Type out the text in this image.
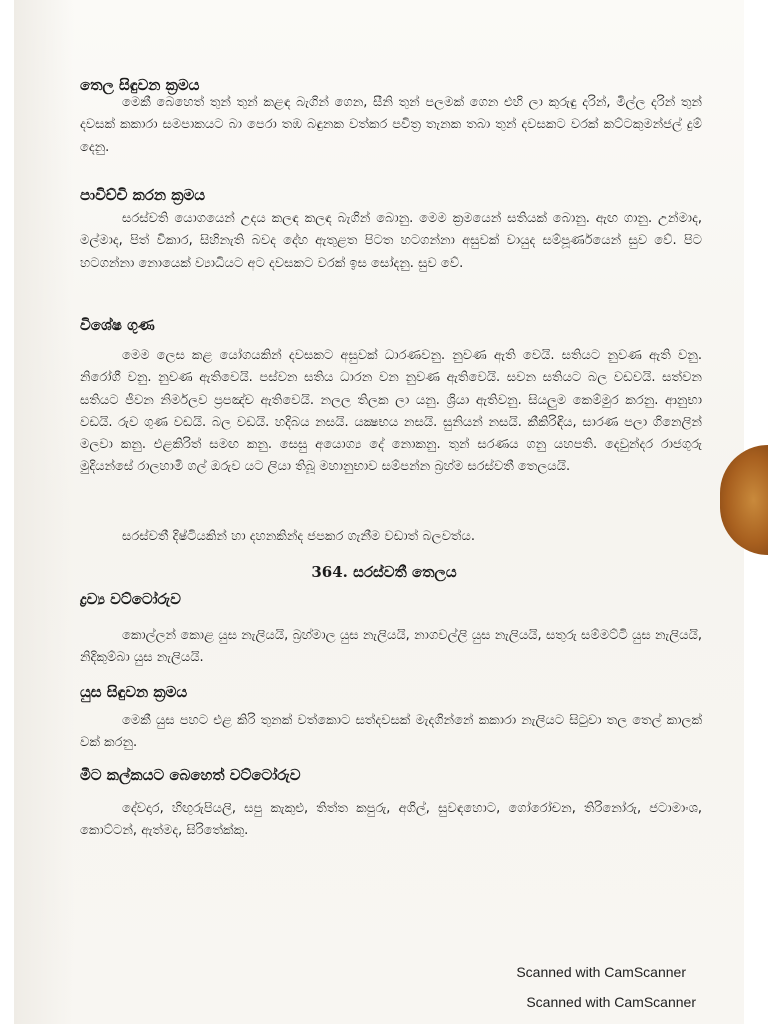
තෙල සිඳුවන ක්‍රමය
මෙකී බෙහෙත් තුන් තුන් කළඳ බැගින් ගෙන, සීනි තුන් පලමක් ගෙන එහි ලා කුරුඳු දරින්, මිල්ල දරින් තුන් දවසක් කකාරා සමපාකයට බා පෙරා තඹ බඳුනක වත්කර පවිත්‍ර තැනක තබා තුන් දවසකට වරක් කට්ටකුමන්ජල් දුම් දෙනු.
පාවිච්චි කරන ක්‍රමය
සරස්වති යොගයෙන් උදය කලඳ කලඳ බැගින් බොනු. මෙම ක්‍රමයෙන් සතියක් බොනු. ඇඟ ගානු. උන්මාද, මල්මාද, පිත් විකාර, සිහිනැති බවද දේහ ඇතුළත පිටත හටගන්නා අසුවක් වායුද සම්පූර්ණයෙන් සුව වේ. පිට හටගන්නා නොයෙක් ව්‍යාධියට අට දවසකට වරක් ඉස සෝදනු. සුව වේ.
විශේෂ ගුණ
මෙම ලෙස කළ යෝගයකින් දවසකට අසුවක් ධාරණවනු. නුවණ ඇති වෙයි. සතියට නුවණ ඇති වනු. නිරෝගී වනු. නුවණ ඇතිවෙයි. පස්වන සතිය ධාරන වන නුවණ ඇතිවෙයි. සවන සතියට බල වඩවයි. සත්වන සතියට ජීවන නිර්මලව ප්‍රපඤ්ච ඇතිවෙයි. නලල තිලක ලා යනු. ශ්‍රියා ඇතිවනු. සියලුම කෙම්මුර කරනු. ආනුභා වඩයි. රුව ගුණ වඩයි. බල වඩයි. හදිබය නසයි. යක්‍ෂභය නසයි. සුනියන් නසයි. කීකිරිඳිය, සාරණ පලා ගිනෙලින් මලවා කනු. එළකිරිත් සමඟ කනු. සෙසු අයොග්‍ය දේ නොකනු. තුන් සරණය ගනු යහපති. දෙවුන්දර රාජගුරු මුදියන්සේ රාලහාමි ගල් ඔරුව යට ලියා තිබූ මහානුභාව සම්පන්න බ්‍රහ්ම සරස්වතී තෙලයයි.
සරස්වතී දිෂ්ටියකින් හා දහනකින්ද ජපකර ගැනීම වඩාත් බලවත්ය.
364. සරස්වතී තෙලය
ද්‍රව්‍ය වට්ටෝරුව
කොල්ලන් කොළ යුස නැලියයි, බ්‍රහ්මාල යුස නැලියයි, නාගවල්ලි යුස නැලියයි, සතුරු සම්මට්ටි යුස නැලියයි, නිදිකුම්බා යුස නැලියයි.
යුස සිඳුවන ක්‍රමය
මෙකී යුස පහට එළ කිරි තුනක් වත්කොට සත්දවසක් මැදගින්නේ කකාරා නැලියට සිටුවා තල තෙල් කාලක් වක් කරනු.
මීට කල්කයට බෙහෙත් වට්ටෝරුව
දේවදාර, හිඟුරුපියලි, සපු කැකුළු, තිත්ත කපුරු, අගිල්, සුවඳහොට, ගෝරෝචන, තිරිනෝරු, ජටාමාංශ, කොට්ටන්, ඇත්මද, සිරිතේක්කු.
Scanned with CamScanner
Scanned with CamScanner
